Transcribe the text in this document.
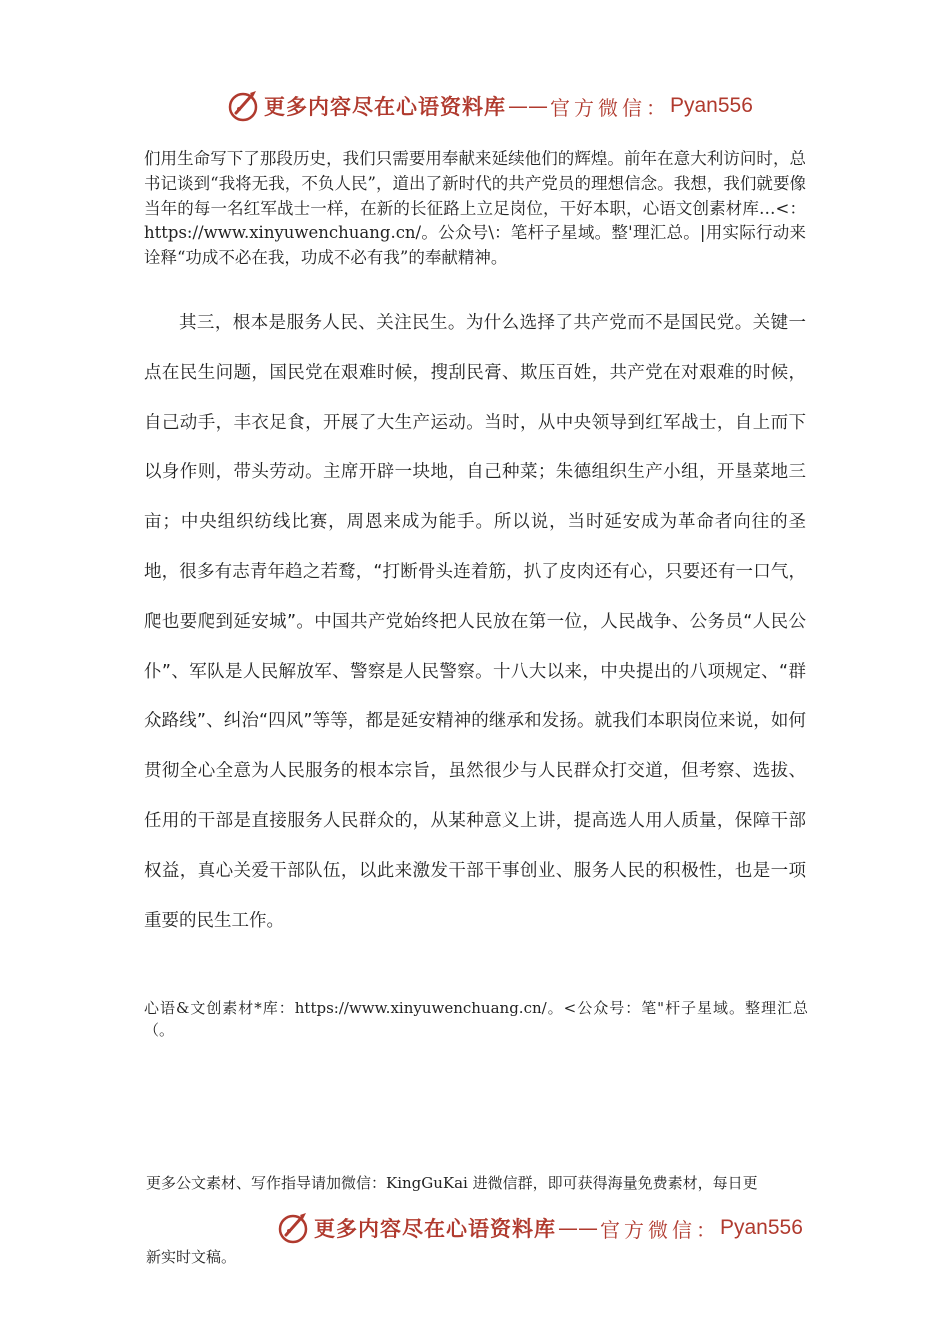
更多内容尽在心语资料库 —— 官方微信： Pyan556
们用生命写下了那段历史，我们只需要用奉献来延续他们的辉煌。前年在意大利访问时，总书记谈到“我将无我，不负人民”，道出了新时代的共产党员的理想信念。我想，我们就要像当年的每一名红军战士一样，在新的长征路上立足岗位，干好本职，心语文创素材库…<：https://www.xinyuwenchuang.cn/。公众号\：笔杆子星域。整'理汇总。|用实际行动来诠释“功成不必在我，功成不必有我”的奉献精神。
其三，根本是服务人民、关注民生。为什么选择了共产党而不是国民党。关键一点在民生问题，国民党在艰难时候，搜刮民膏、欺压百姓，共产党在对艰难的时候，自己动手，丰衣足食，开展了大生产运动。当时，从中央领导到红军战士，自上而下以身作则，带头劳动。主席开辟一块地，自己种菜；朱德组织生产小组，开垦菜地三亩；中央组织纺线比赛，周恩来成为能手。所以说，当时延安成为革命者向往的圣地，很多有志青年趋之若鹜，“打断骨头连着筋，扒了皮肉还有心，只要还有一口气，爬也要爬到延安城”。中国共产党始终把人民放在第一位，人民战争、公务员“人民公仆”、军队是人民解放军、警察是人民警察。十八大以来，中央提出的八项规定、“群众路线”、纠治“四风”等等，都是延安精神的继承和发扬。就我们本职岗位来说，如何贯彻全心全意为人民服务的根本宗旨，虽然很少与人民群众打交道，但考察、选拔、任用的干部是直接服务人民群众的，从某种意义上讲，提高选人用人质量，保障干部权益，真心关爱干部队伍，以此来激发干部干事创业、服务人民的积极性，也是一项重要的民生工作。
心语&文创素材*库：https://www.xinyuwenchuang.cn/。<公众号：笔"杆子星域。整理汇总（。
更多公文素材、写作指导请加微信：KingGuKai 进微信群，即可获得海量免费素材，每日更
更多内容尽在心语资料库 —— 官方微信： Pyan556
新实时文稿。
